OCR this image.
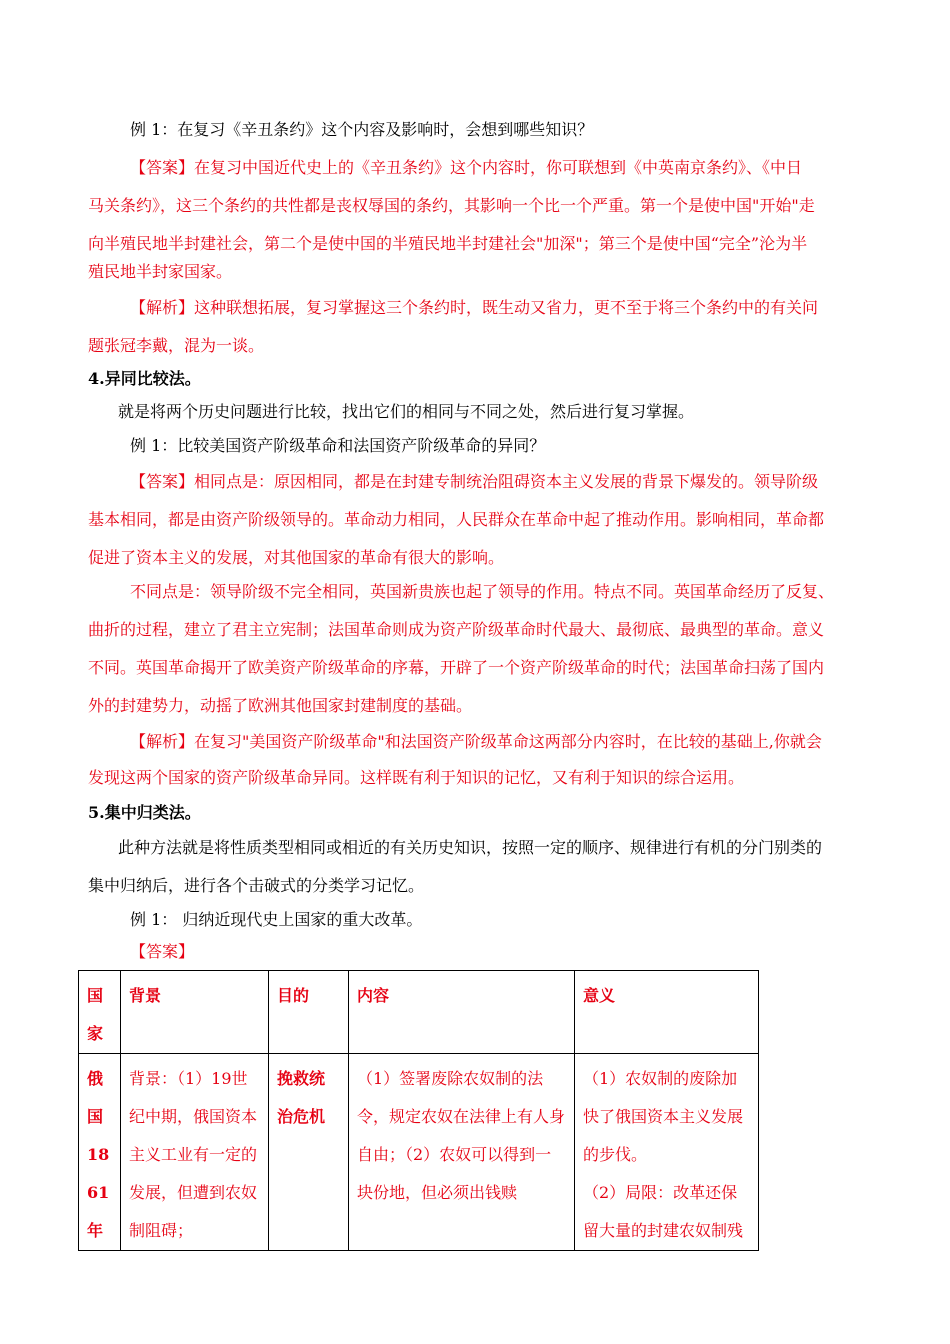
例 1：在复习《辛丑条约》这个内容及影响时，会想到哪些知识？
【答案】在复习中国近代史上的《辛丑条约》这个内容时，你可联想到《中英南京条约》、《中日
马关条约》，这三个条约的共性都是丧权辱国的条约，其影响一个比一个严重。第一个是使中国"开始"走
向半殖民地半封建社会，第二个是使中国的半殖民地半封建社会"加深"；第三个是使中国“完全”沦为半
殖民地半封家国家。
【解析】这种联想拓展，复习掌握这三个条约时，既生动又省力，更不至于将三个条约中的有关问
题张冠李戴，混为一谈。
4.异同比较法。
就是将两个历史问题进行比较，找出它们的相同与不同之处，然后进行复习掌握。
例 1：比较美国资产阶级革命和法国资产阶级革命的异同？
【答案】相同点是：原因相同，都是在封建专制统治阻碍资本主义发展的背景下爆发的。领导阶级
基本相同，都是由资产阶级领导的。革命动力相同，人民群众在革命中起了推动作用。影响相同，革命都
促进了资本主义的发展，对其他国家的革命有很大的影响。
不同点是：领导阶级不完全相同，英国新贵族也起了领导的作用。特点不同。英国革命经历了反复、
曲折的过程，建立了君主立宪制；法国革命则成为资产阶级革命时代最大、最彻底、最典型的革命。意义
不同。英国革命揭开了欧美资产阶级革命的序幕，开辟了一个资产阶级革命的时代；法国革命扫荡了国内
外的封建势力，动摇了欧洲其他国家封建制度的基础。
【解析】在复习"美国资产阶级革命"和法国资产阶级革命这两部分内容时，在比较的基础上,你就会
发现这两个国家的资产阶级革命异同。这样既有利于知识的记忆，又有利于知识的综合运用。
5.集中归类法。
此种方法就是将性质类型相同或相近的有关历史知识，按照一定的顺序、规律进行有机的分门别类的
集中归纳后，进行各个击破式的分类学习记忆。
例 1： 归纳近现代史上国家的重大改革。
国家	背景	目的	内容	意义

俄国1861年	背景：（1）19世纪中期，俄国资本主义工业有一定的发展，但遭到农奴制阻碍；	挽救统治危机	（1）签署废除农奴制的法令，规定农奴在法律上有人身自由；（2）农奴可以得到一块份地，但必须出钱赎	（1）农奴制的废除加快了俄国资本主义发展的步伐。
（2）局限：改革还保留大量的封建农奴制残
【答案】
